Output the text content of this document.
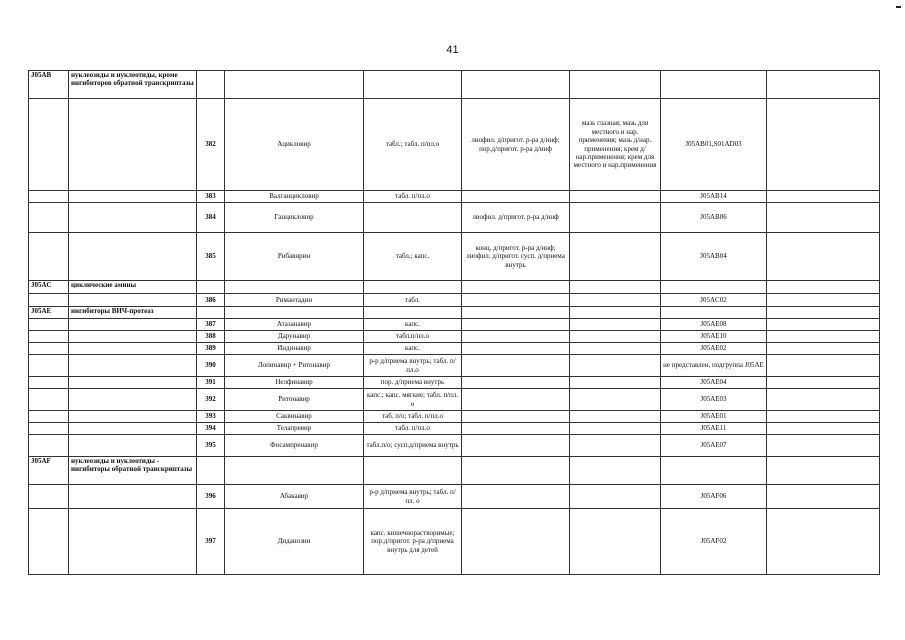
41
J05AB	нуклеозиды и нуклеотиды, кроме ингибиторов обратной транскриптазы							
		382	Ацикловир	табл.; табл. п/пл.о	лиофил. д/пригот. р-ра д/инф; пор.д/пригот. р-ра д/инф	мазь глазная; мазь для местного и нар. применения; мазь д/нар. применения; крем д/нар.применения; крем для местного и нар.применения	J05AB01,S01AD03	
		383	Валганцикловир	табл. п/пл.о			J05AB14	
		384	Ганцикловир		лиофил. д/пригот. р-ра д/инф		J05AB06	
		385	Рибавирин	табл.; капс.	конц. д/пригот. р-ра д/инф; лиофил. д/пригот. сусп. д/приема внутрь		J05AB04	
J05AC	циклические амины							
		386	Римантадин	табл.			J05AC02	
J05AE	ингибиторы ВИЧ-протеаз							
		387	Атазанавир	капс.			J05AE08	
		388	Дарунавир	табл.п/пл.о			J05AE10	
		389	Индинавир	капс.			J05AE02	
		390	Лопинавир + Ритонавир	р-р д/приема внутрь; табл. п/пл.о			не представлен, подгруппа J05AE	
		391	Нелфинавир	пор. д/приема внутрь			J05AE04	
		392	Ритонавир	капс.; капс. мягкие; табл. п/пл. о			J05AE03	
		393	Саквинавир	таб. п/о; табл. п/пл.о			J05AE01	
		394	Телапревир	табл. п/пл.о			J05AE11	
		395	Фосампренавир	табл.п/о; сусп.д/приема внутрь			J05AE07	
J05AF	нуклеозиды и нуклеотиды - ингибиторы обратной транскриптазы							
		396	Абакавир	р-р д/приема внутрь; табл. п/пл. о			J05AF06	
		397	Диданозин	капс. кишечнорастворимые; пор.д/пригот. р-ра д/приема внутрь для детей			J05AF02	
